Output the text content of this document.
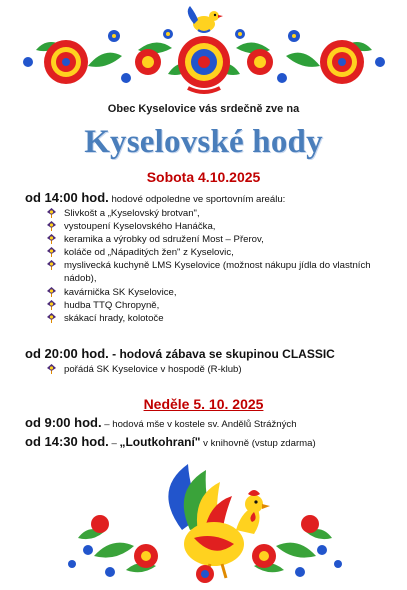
Obec Kyselovice vás srdečně zve na
Kyselovské hody
Sobota 4.10.2025
od 14:00 hod. hodové odpoledne ve sportovním areálu:
Slivkošt a „Kyselovský brotvan",
vystoupení Kyselovského Hanáčka,
keramika a výrobky od sdružení Most – Přerov,
koláče od „Nápaditých žen" z Kyselovic,
myslivecká kuchyně LMS Kyselovice (možnost nákupu jídla do vlastních
nádob),
kavárnička SK Kyselovice,
hudba TTQ Chropyně,
skákací hrady, kolotoče
od 20:00 hod. - hodová zábava se skupinou CLASSIC
pořádá SK Kyselovice v hospodě (R-klub)
Neděle 5. 10. 2025
od 9:00 hod. – hodová mše v kostele sv. Andělů Strážných
od 14:30 hod. – „Loutkohraní" v knihovně (vstup zdarma)
